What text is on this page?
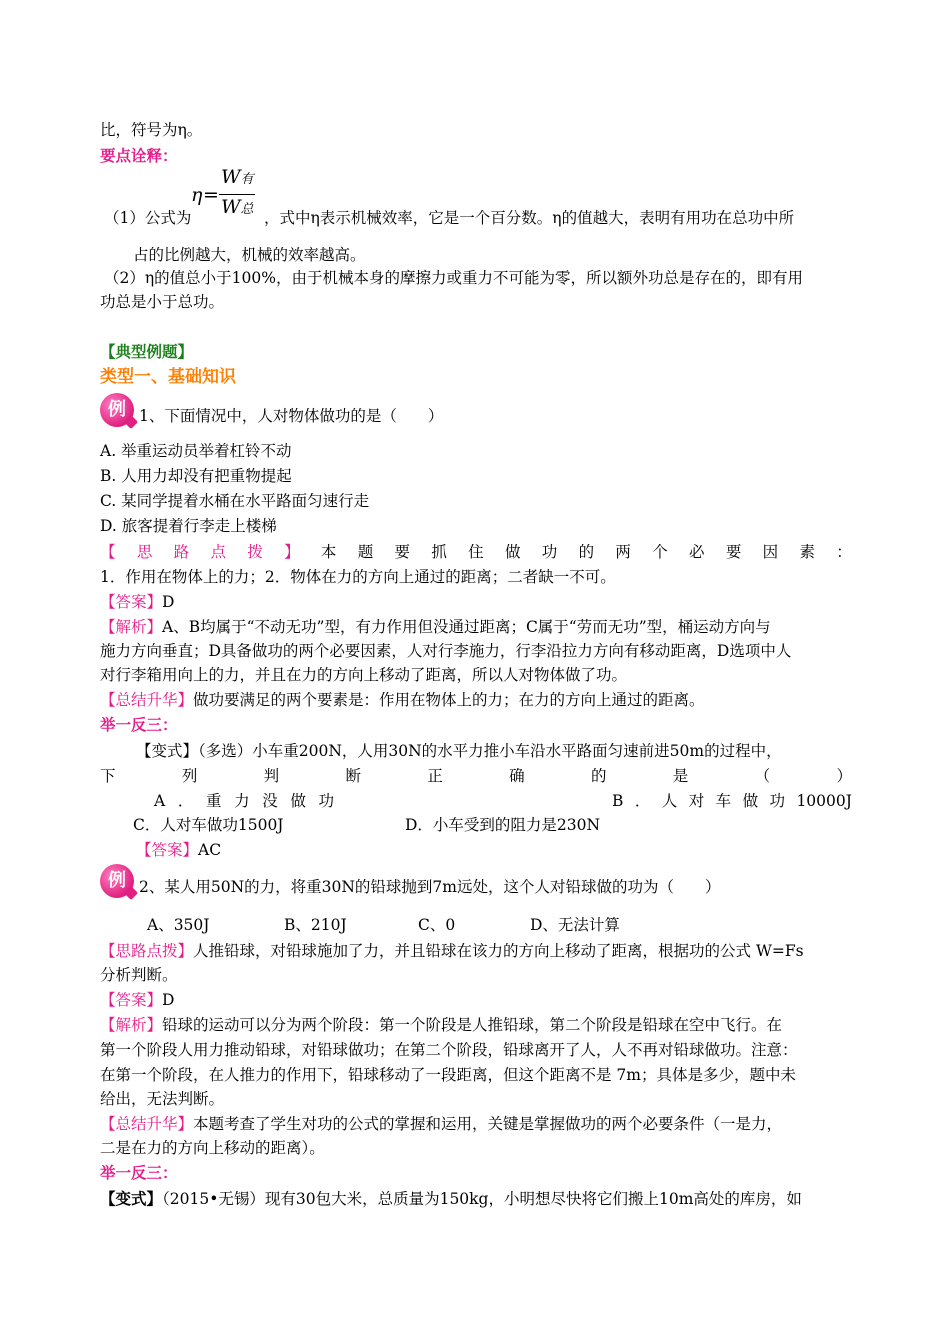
比，符号为η。
要点诠释：
η =
W有
W总
（1）公式为	，式中η表示机械效率，它是一个百分数。η的值越大，表明有用功在总功中所
占的比例越大，机械的效率越高。
（2）η的值总小于100%，由于机械本身的摩擦力或重力不可能为零，所以额外功总是存在的，即有用
功总是小于总功。
【典型例题】
类型一、基础知识
例 1、下面情况中，人对物体做功的是（　　）
A. 举重运动员举着杠铃不动
B. 人用力却没有把重物提起
C. 某同学提着水桶在水平路面匀速行走
D. 旅客提着行李走上楼梯
【 思 路 点 拨 】 本 题 要 抓 住 做 功 的 两 个 必 要 因 素 ：
1．作用在物体上的力；2．物体在力的方向上通过的距离；二者缺一不可。
【答案】D
【解析】A、B均属于“不动无功”型，有力作用但没通过距离；C属于“劳而无功”型，桶运动方向与
施力方向垂直；D具备做功的两个必要因素，人对行李施力，行李沿拉力方向有移动距离，D选项中人
对行李箱用向上的力，并且在力的方向上移动了距离，所以人对物体做了功。
【总结升华】做功要满足的两个要素是：作用在物体上的力；在力的方向上通过的距离。
举一反三：
【变式】（多选）小车重200N，人用30N的水平力推小车沿水平路面匀速前进50m的过程中，
下	列	判	断	正	确	的	是	（	）
A ． 重 力 没 做 功	B ． 人 对 车 做 功 10000J
C．人对车做功1500J	D．小车受到的阻力是230N
【答案】AC
例 2、某人用50N的力，将重30N的铅球抛到7m远处，这个人对铅球做的功为（　　）
A、350J	B、210J	C、0	D、无法计算
【思路点拨】人推铅球，对铅球施加了力，并且铅球在该力的方向上移动了距离，根据功的公式 W=Fs
分析判断。
【答案】D
【解析】铅球的运动可以分为两个阶段：第一个阶段是人推铅球，第二个阶段是铅球在空中飞行。在
第一个阶段人用力推动铅球，对铅球做功；在第二个阶段，铅球离开了人，人不再对铅球做功。注意：
在第一个阶段，在人推力的作用下，铅球移动了一段距离，但这个距离不是 7m；具体是多少，题中未
给出，无法判断。
【总结升华】本题考查了学生对功的公式的掌握和运用，关键是掌握做功的两个必要条件（一是力，
二是在力的方向上移动的距离）。
举一反三：
【变式】（2015•无锡）现有30包大米，总质量为150kg，小明想尽快将它们搬上10m高处的库房，如
